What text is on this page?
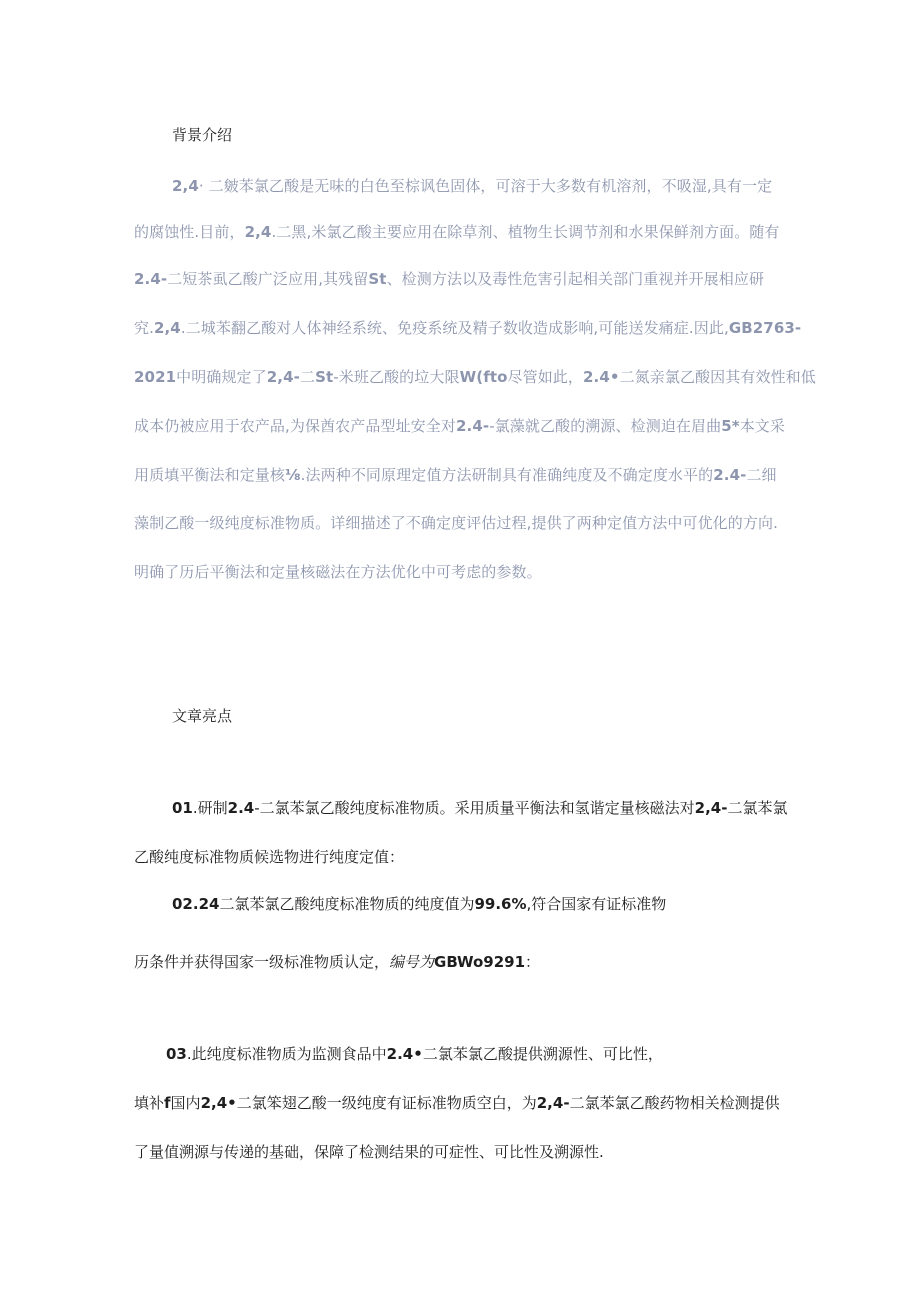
背景介绍
2,4· 二皴苯氯乙酸是无味的白色至棕讽色固体，可溶于大多数有机溶剂，不吸湿,具有一定
的腐蚀性.目前，2,4.二黑,米氯乙酸主要应用在除草剂、植物生长调节剂和水果保鲜剂方面。随有
2.4-二短茶虱乙酸广泛应用,其残留St、检测方法以及毒性危害引起相关部门重视并开展相应研
究.2,4.二城苯翻乙酸对人体神经系统、免疫系统及精子数收造成影响,可能送发痛症.因此,GB2763-
2021中明确规定了2,4-二St-米班乙酸的垃大限W(fto尽管如此，2.4•二氮亲氯乙酸因其有效性和低
成本仍被应用于农产品,为保酋农产品型址安全对2.4--氯藻就乙酸的溯源、检测迫在眉曲5*本文采
用质填平衡法和定量核⅛.法两种不同原理定值方法研制具有准确纯度及不确定度水平的2.4-二细
藻制乙酸一级纯度标准物质。详细描述了不确定度评估过程,提供了两种定值方法中可优化的方向.
明确了历后平衡法和定量核磁法在方法优化中可考虑的参数。
文章亮点
01.研制2.4-二氯苯氯乙酸纯度标准物质。采用质量平衡法和氢谐定量核磁法对2,4-二氯苯氯
乙酸纯度标准物质候选物进行纯度定值：
02.24二氯苯氯乙酸纯度标准物质的纯度值为99.6%,符合国家有证标准物
历条件并获得国家一级标准物质认定，编号为GBWo9291：
03.此纯度标准物质为监测食品中2.4•二氯苯氯乙酸提供溯源性、可比性，
填补f国内2,4•二氯笨翅乙酸一级纯度有证标准物质空白，为2,4-二氯苯氯乙酸药物相关检测提供
了量值溯源与传递的基础，保障了检测结果的可症性、可比性及溯源性.
